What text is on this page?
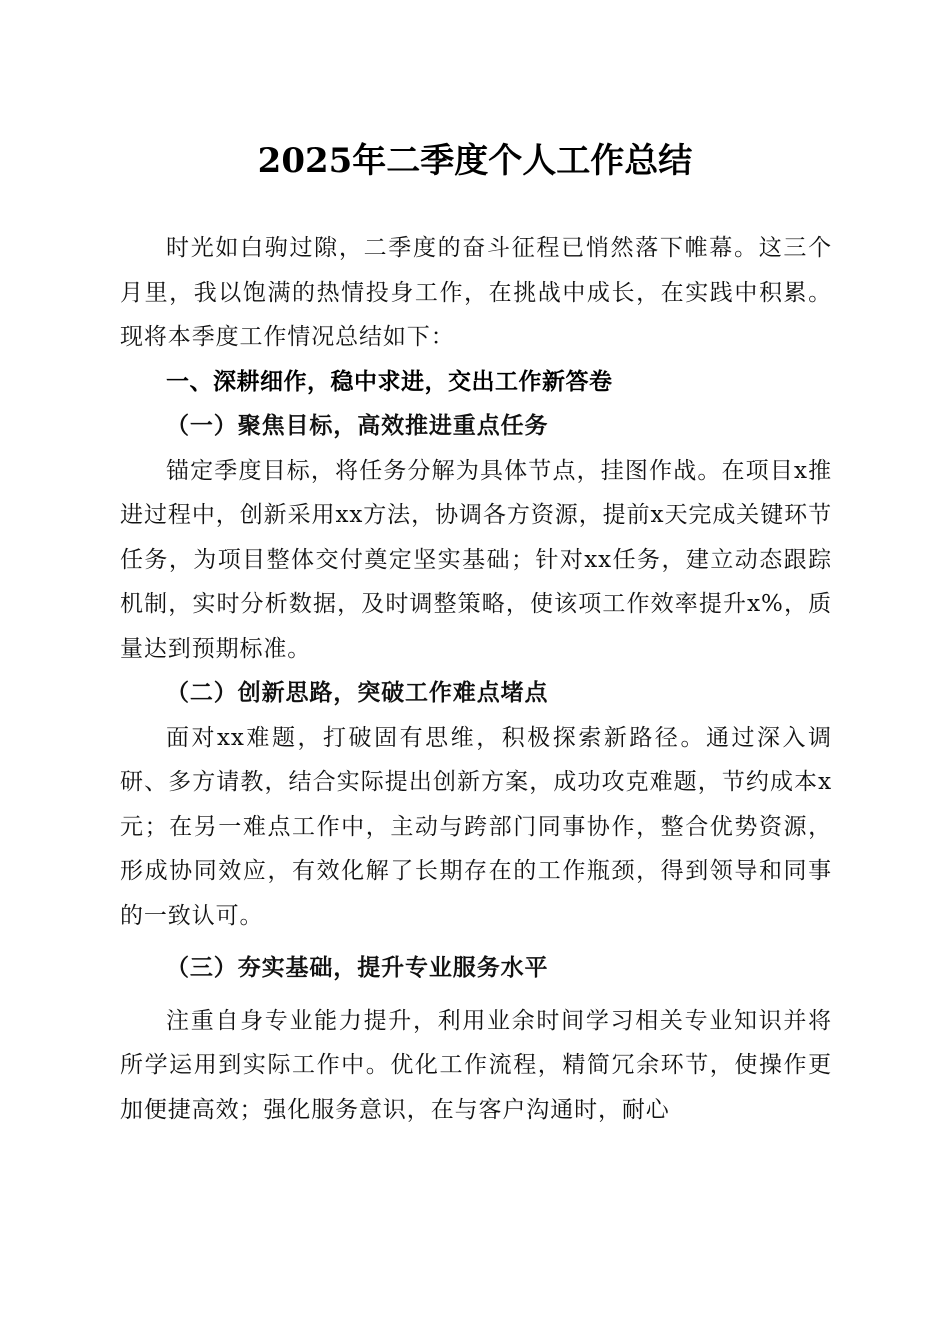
2025年二季度个人工作总结

时光如白驹过隙，二季度的奋斗征程已悄然落下帷幕。这三个月里，我以饱满的热情投身工作，在挑战中成长，在实践中积累。现将本季度工作情况总结如下：

一、深耕细作，稳中求进，交出工作新答卷

（一）聚焦目标，高效推进重点任务

锚定季度目标，将任务分解为具体节点，挂图作战。在项目x推进过程中，创新采用xx方法，协调各方资源，提前x天完成关键环节任务，为项目整体交付奠定坚实基础；针对xx任务，建立动态跟踪机制，实时分析数据，及时调整策略，使该项工作效率提升x%，质量达到预期标准。

（二）创新思路，突破工作难点堵点

面对xx难题，打破固有思维，积极探索新路径。通过深入调研、多方请教，结合实际提出创新方案，成功攻克难题，节约成本x元；在另一难点工作中，主动与跨部门同事协作，整合优势资源，形成协同效应，有效化解了长期存在的工作瓶颈，得到领导和同事的一致认可。

（三）夯实基础，提升专业服务水平

注重自身专业能力提升，利用业余时间学习相关专业知识并将所学运用到实际工作中。优化工作流程，精简冗余环节，使操作更加便捷高效；强化服务意识，在与客户沟通时，耐心
